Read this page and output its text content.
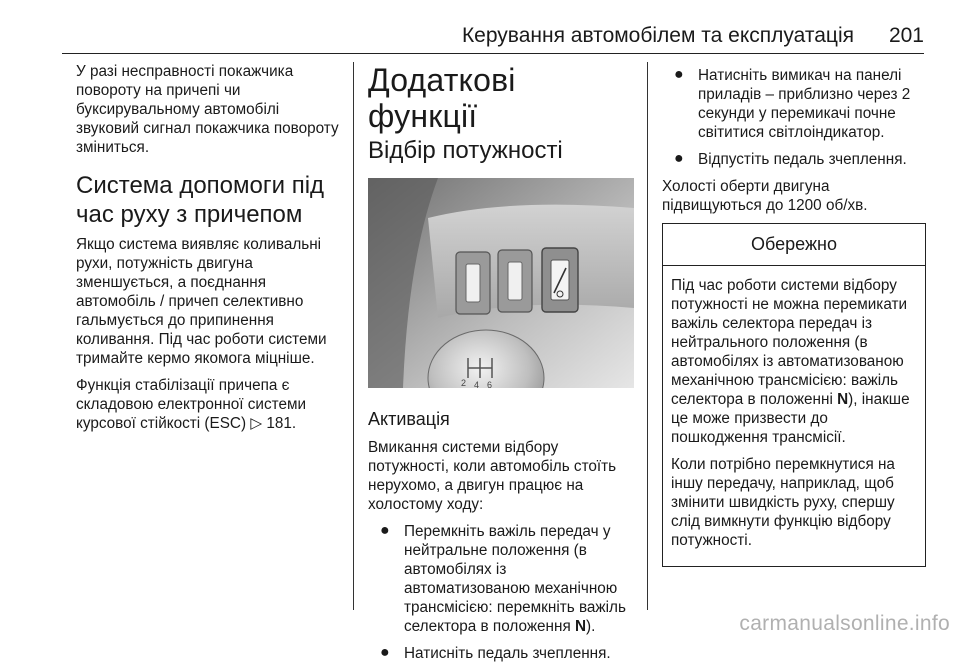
Керування автомобілем та експлуатація 201

У разі несправності покажчика повороту на причепі чи буксирувальному автомобілі звуковий сигнал покажчика повороту зміниться.

Система допомоги під час руху з причепом

Якщо система виявляє коливальні рухи, потужність двигуна зменшується, а поєднання автомобіль / причеп селективно гальмується до припинення коливання. Під час роботи системи тримайте кермо якомога міцніше.

Функція стабілізації причепа є складовою електронної системи курсової стійкості (ESC) ▷ 181.

Додаткові функції
Відбір потужності
2 4 6
Активація

Вмикання системи відбору потужності, коли автомобіль стоїть нерухомо, а двигун працює на холостому ходу:

● Перемкніть важіль передач у нейтральне положення (в автомобілях із автоматизованою механічною трансмісією: перемкніть важіль селектора в положення N).
● Натисніть педаль зчеплення.
● Натисніть вимикач на панелі приладів – приблизно через 2 секунди у перемикачі почне світитися світлоіндикатор.
● Відпустіть педаль зчеплення.

Холості оберти двигуна підвищуються до 1200 об/хв.

Обережно

Під час роботи системи відбору потужності не можна перемикати важіль селектора передач із нейтрального положення (в автомобілях із автоматизованою механічною трансмісією: важіль селектора в положенні N), інакше це може призвести до пошкодження трансмісії.

Коли потрібно перемкнутися на іншу передачу, наприклад, щоб змінити швидкість руху, спершу слід вимкнути функцію відбору потужності.

carmanualsonline.info
